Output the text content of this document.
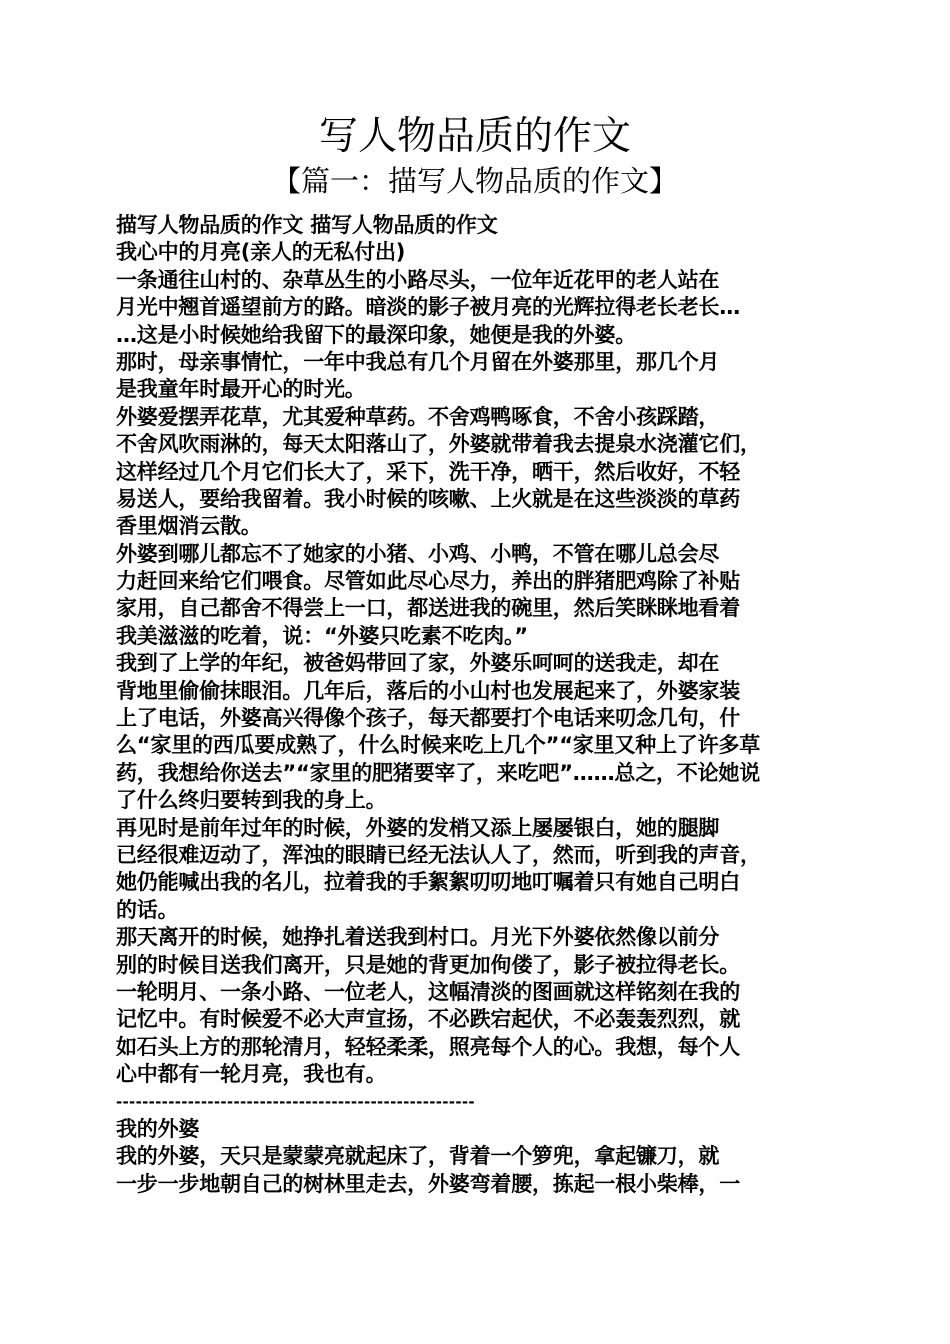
写人物品质的作文
【篇一：描写人物品质的作文】
描写人物品质的作文 描写人物品质的作文
我心中的月亮(亲人的无私付出)
一条通往山村的、杂草丛生的小路尽头，一位年近花甲的老人站在
月光中翘首遥望前方的路。暗淡的影子被月亮的光辉拉得老长老长…
…这是小时候她给我留下的最深印象，她便是我的外婆。
那时，母亲事情忙，一年中我总有几个月留在外婆那里，那几个月
是我童年时最开心的时光。
外婆爱摆弄花草，尤其爱种草药。不舍鸡鸭啄食，不舍小孩踩踏，
不舍风吹雨淋的，每天太阳落山了，外婆就带着我去提泉水浇灌它们，
这样经过几个月它们长大了，采下，洗干净，晒干，然后收好，不轻
易送人，要给我留着。我小时候的咳嗽、上火就是在这些淡淡的草药
香里烟消云散。
外婆到哪儿都忘不了她家的小猪、小鸡、小鸭，不管在哪儿总会尽
力赶回来给它们喂食。尽管如此尽心尽力，养出的胖猪肥鸡除了补贴
家用，自己都舍不得尝上一口，都送进我的碗里，然后笑眯眯地看着
我美滋滋的吃着，说：“外婆只吃素不吃肉。”
我到了上学的年纪，被爸妈带回了家，外婆乐呵呵的送我走，却在
背地里偷偷抹眼泪。几年后，落后的小山村也发展起来了，外婆家装
上了电话，外婆高兴得像个孩子，每天都要打个电话来叨念几句，什
么“家里的西瓜要成熟了，什么时候来吃上几个”“家里又种上了许多草
药，我想给你送去”“家里的肥猪要宰了，来吃吧”……总之，不论她说
了什么终归要转到我的身上。
再见时是前年过年的时候，外婆的发梢又添上屡屡银白，她的腿脚
已经很难迈动了，浑浊的眼睛已经无法认人了，然而，听到我的声音，
她仍能喊出我的名儿，拉着我的手絮絮叨叨地叮嘱着只有她自己明白
的话。
那天离开的时候，她挣扎着送我到村口。月光下外婆依然像以前分
别的时候目送我们离开，只是她的背更加佝偻了，影子被拉得老长。
一轮明月、一条小路、一位老人，这幅清淡的图画就这样铭刻在我的
记忆中。有时候爱不必大声宣扬，不必跌宕起伏，不必轰轰烈烈，就
如石头上方的那轮清月，轻轻柔柔，照亮每个人的心。我想，每个人
心中都有一轮月亮，我也有。
-------------------------------------------------------
我的外婆
我的外婆，天只是蒙蒙亮就起床了，背着一个箩兜，拿起镰刀，就
一步一步地朝自己的树林里走去，外婆弯着腰，拣起一根小柴棒，一
